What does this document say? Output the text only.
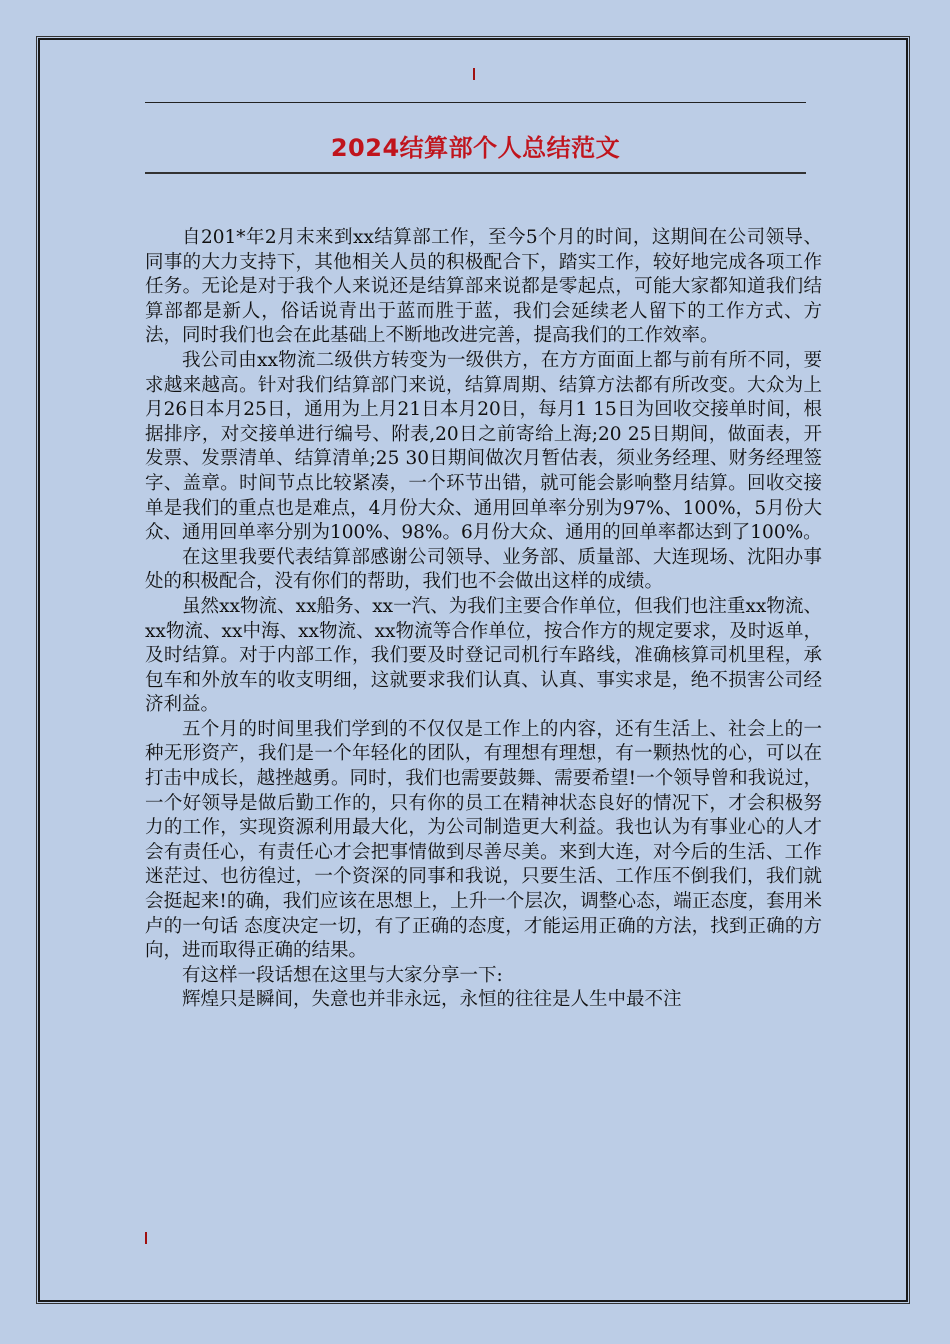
2024结算部个人总结范文

自201*年2月末来到xx结算部工作，至今5个月的时间，这期间在公司领导、同事的大力支持下，其他相关人员的积极配合下，踏实工作，较好地完成各项工作任务。无论是对于我个人来说还是结算部来说都是零起点，可能大家都知道我们结算部都是新人，俗话说青出于蓝而胜于蓝，我们会延续老人留下的工作方式、方法，同时我们也会在此基础上不断地改进完善，提高我们的工作效率。

我公司由xx物流二级供方转变为一级供方，在方方面面上都与前有所不同，要求越来越高。针对我们结算部门来说，结算周期、结算方法都有所改变。大众为上月26日本月25日，通用为上月21日本月20日，每月1 15日为回收交接单时间，根据排序，对交接单进行编号、附表,20日之前寄给上海;20 25日期间，做面表，开发票、发票清单、结算清单;25 30日期间做次月暂估表，须业务经理、财务经理签字、盖章。时间节点比较紧凑，一个环节出错，就可能会影响整月结算。回收交接单是我们的重点也是难点，4月份大众、通用回单率分别为97%、100%，5月份大众、通用回单率分别为100%、98%。6月份大众、通用的回单率都达到了100%。

在这里我要代表结算部感谢公司领导、业务部、质量部、大连现场、沈阳办事处的积极配合，没有你们的帮助，我们也不会做出这样的成绩。

虽然xx物流、xx船务、xx一汽、为我们主要合作单位，但我们也注重xx物流、xx物流、xx中海、xx物流、xx物流等合作单位，按合作方的规定要求，及时返单，及时结算。对于内部工作，我们要及时登记司机行车路线，准确核算司机里程，承包车和外放车的收支明细，这就要求我们认真、认真、事实求是，绝不损害公司经济利益。

五个月的时间里我们学到的不仅仅是工作上的内容，还有生活上、社会上的一种无形资产，我们是一个年轻化的团队，有理想有理想，有一颗热忱的心，可以在打击中成长，越挫越勇。同时，我们也需要鼓舞、需要希望!一个领导曾和我说过，一个好领导是做后勤工作的，只有你的员工在精神状态良好的情况下，才会积极努力的工作，实现资源利用最大化，为公司制造更大利益。我也认为有事业心的人才会有责任心，有责任心才会把事情做到尽善尽美。来到大连，对今后的生活、工作迷茫过、也彷徨过，一个资深的同事和我说，只要生活、工作压不倒我们，我们就会挺起来!的确，我们应该在思想上，上升一个层次，调整心态，端正态度，套用米卢的一句话 态度决定一切，有了正确的态度，才能运用正确的方法，找到正确的方向，进而取得正确的结果。

有这样一段话想在这里与大家分享一下:

辉煌只是瞬间，失意也并非永远，永恒的往往是人生中最不注
